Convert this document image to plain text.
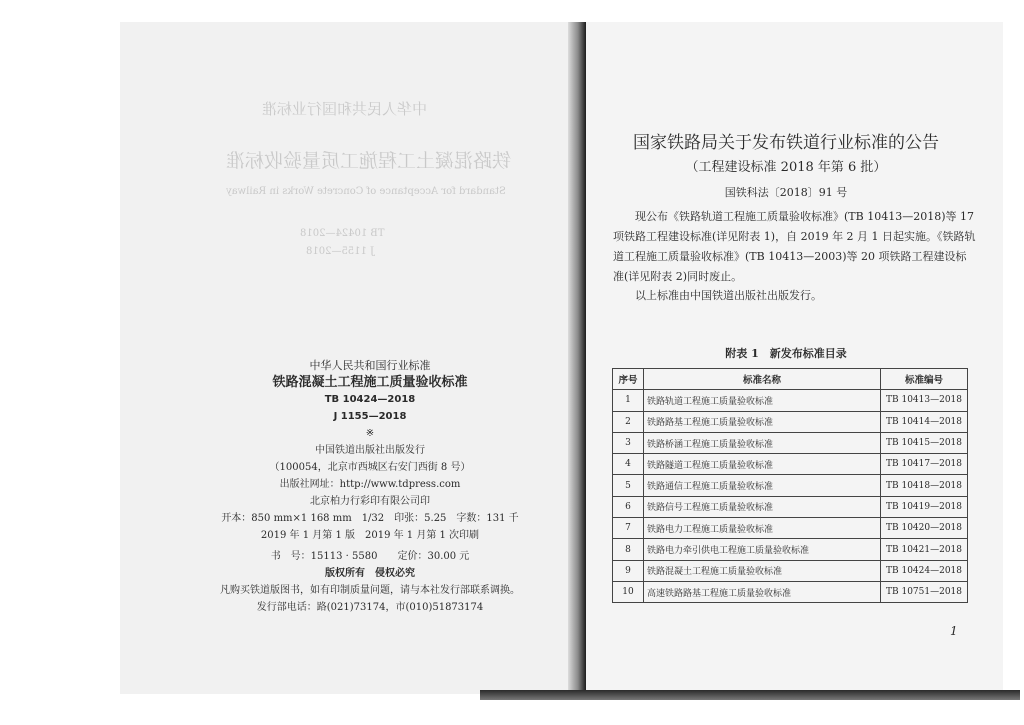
中华人民共和国行业标准
铁路混凝土工程施工质量验收标准
Standard for Acceptance of Concrete Works in Railway
TB 10424—2018
J 1155—2018
中华人民共和国行业标准
铁路混凝土工程施工质量验收标准
TB 10424—2018
J 1155—2018
※
中国铁道出版社出版发行
（100054，北京市西城区右安门西街 8 号）
出版社网址：http://www.tdpress.com
北京柏力行彩印有限公司印
开本：850 mm×1 168 mm　1/32　印张：5.25　字数：131 千
2019 年 1 月第 1 版　2019 年 1 月第 1 次印刷
书　号：15113 · 5580　　定价：30.00 元
版权所有　侵权必究
凡购买铁道版图书，如有印制质量问题，请与本社发行部联系调换。
发行部电话：路(021)73174，市(010)51873174
国家铁路局关于发布铁道行业标准的公告
（工程建设标准 2018 年第 6 批）
国铁科法〔2018〕91 号
现公布《铁路轨道工程施工质量验收标准》(TB 10413—2018)等 17 项铁路工程建设标准(详见附表 1)，自 2019 年 2 月 1 日起实施。《铁路轨道工程施工质量验收标准》(TB 10413—2003)等 20 项铁路工程建设标准(详见附表 2)同时废止。
以上标准由中国铁道出版社出版发行。
附表 1　新发布标准目录
序号	标准名称	标准编号
1	铁路轨道工程施工质量验收标准	TB 10413—2018
2	铁路路基工程施工质量验收标准	TB 10414—2018
3	铁路桥涵工程施工质量验收标准	TB 10415—2018
4	铁路隧道工程施工质量验收标准	TB 10417—2018
5	铁路通信工程施工质量验收标准	TB 10418—2018
6	铁路信号工程施工质量验收标准	TB 10419—2018
7	铁路电力工程施工质量验收标准	TB 10420—2018
8	铁路电力牵引供电工程施工质量验收标准	TB 10421—2018
9	铁路混凝土工程施工质量验收标准	TB 10424—2018
10	高速铁路路基工程施工质量验收标准	TB 10751—2018
1
